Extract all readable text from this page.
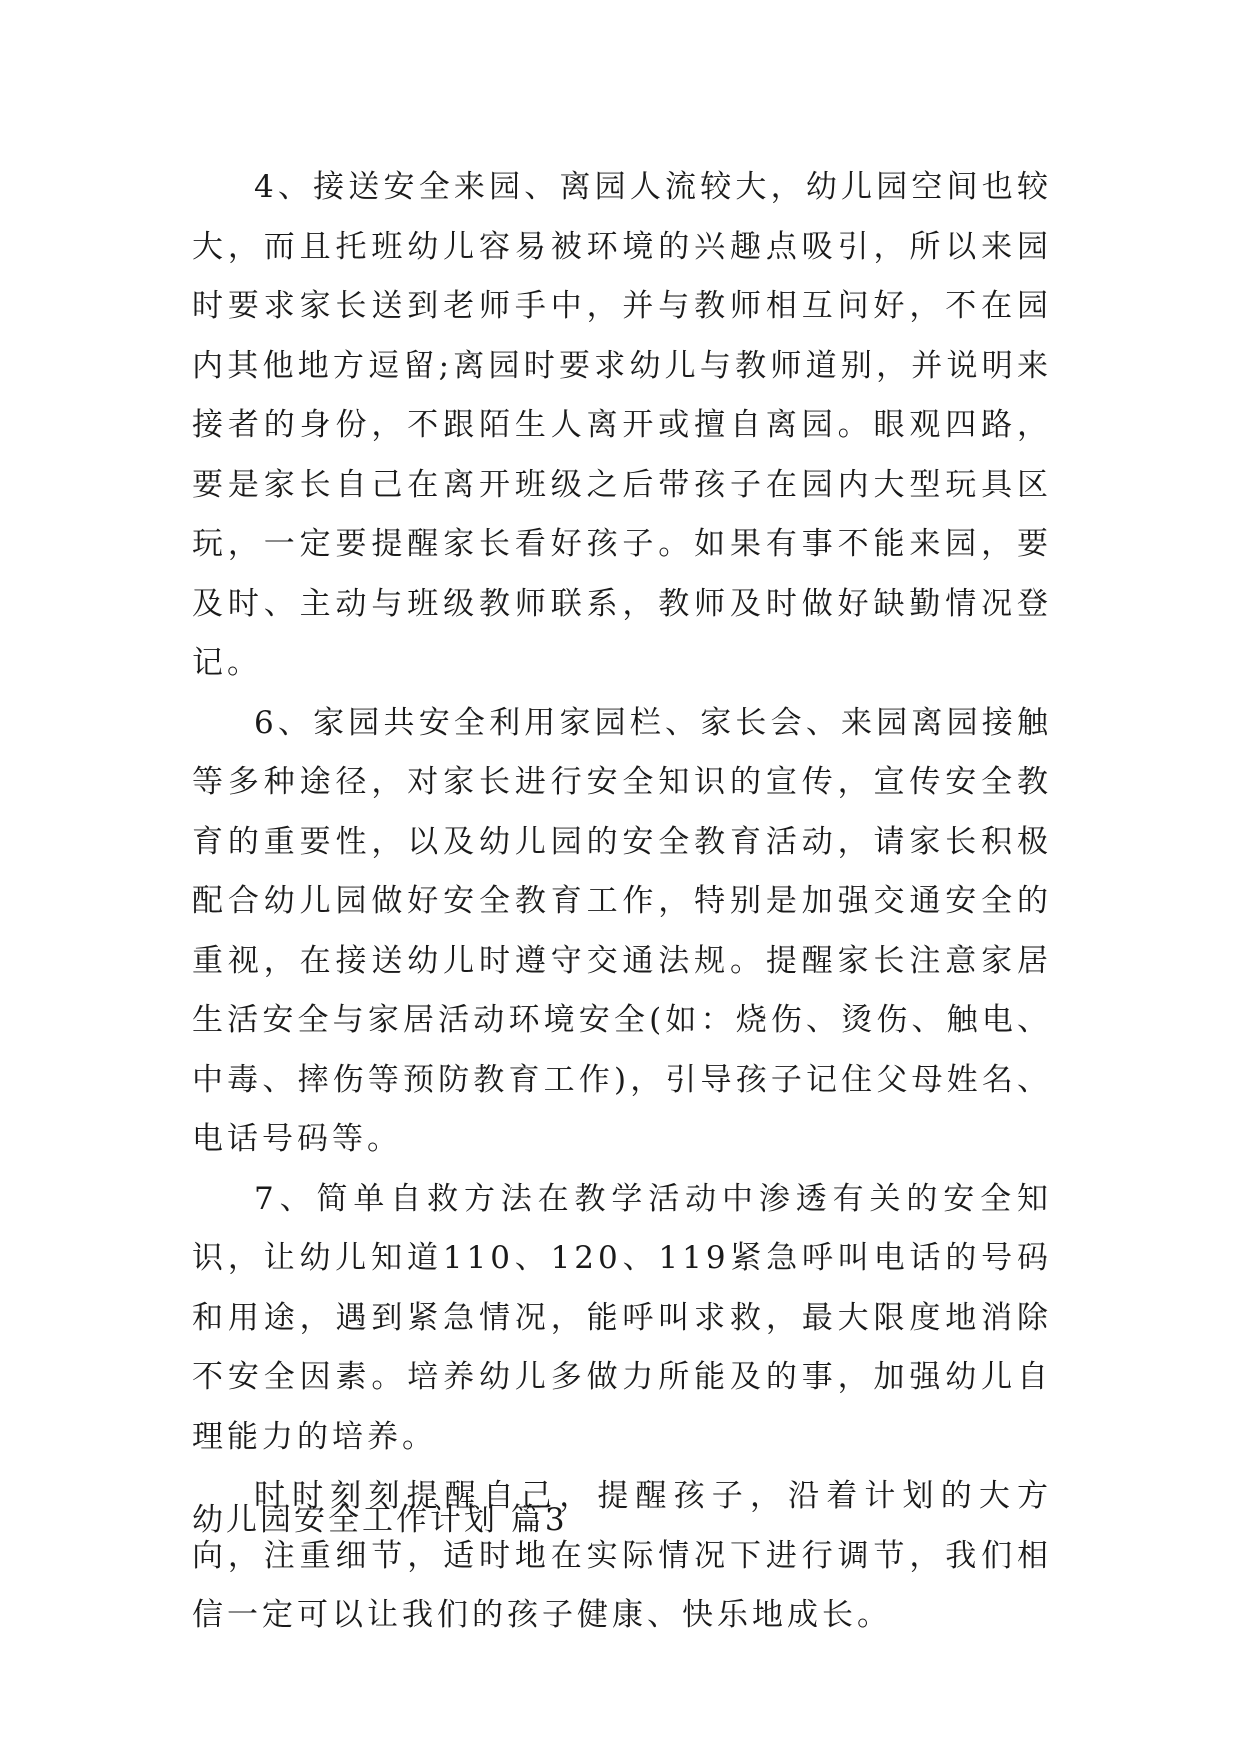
4、接送安全来园、离园人流较大，幼儿园空间也较大，而且托班幼儿容易被环境的兴趣点吸引，所以来园时要求家长送到老师手中，并与教师相互问好，不在园内其他地方逗留;离园时要求幼儿与教师道别，并说明来接者的身份，不跟陌生人离开或擅自离园。眼观四路，要是家长自己在离开班级之后带孩子在园内大型玩具区玩，一定要提醒家长看好孩子。如果有事不能来园，要及时、主动与班级教师联系，教师及时做好缺勤情况登记。

6、家园共安全利用家园栏、家长会、来园离园接触等多种途径，对家长进行安全知识的宣传，宣传安全教育的重要性，以及幼儿园的安全教育活动，请家长积极配合幼儿园做好安全教育工作，特别是加强交通安全的重视，在接送幼儿时遵守交通法规。提醒家长注意家居生活安全与家居活动环境安全(如：烧伤、烫伤、触电、中毒、摔伤等预防教育工作)，引导孩子记住父母姓名、电话号码等。

7、简单自救方法在教学活动中渗透有关的安全知识，让幼儿知道110、120、119紧急呼叫电话的号码和用途，遇到紧急情况，能呼叫求救，最大限度地消除不安全因素。培养幼儿多做力所能及的事，加强幼儿自理能力的培养。

时时刻刻提醒自己，提醒孩子，沿着计划的大方向，注重细节，适时地在实际情况下进行调节，我们相信一定可以让我们的孩子健康、快乐地成长。

幼儿园安全工作计划 篇3
